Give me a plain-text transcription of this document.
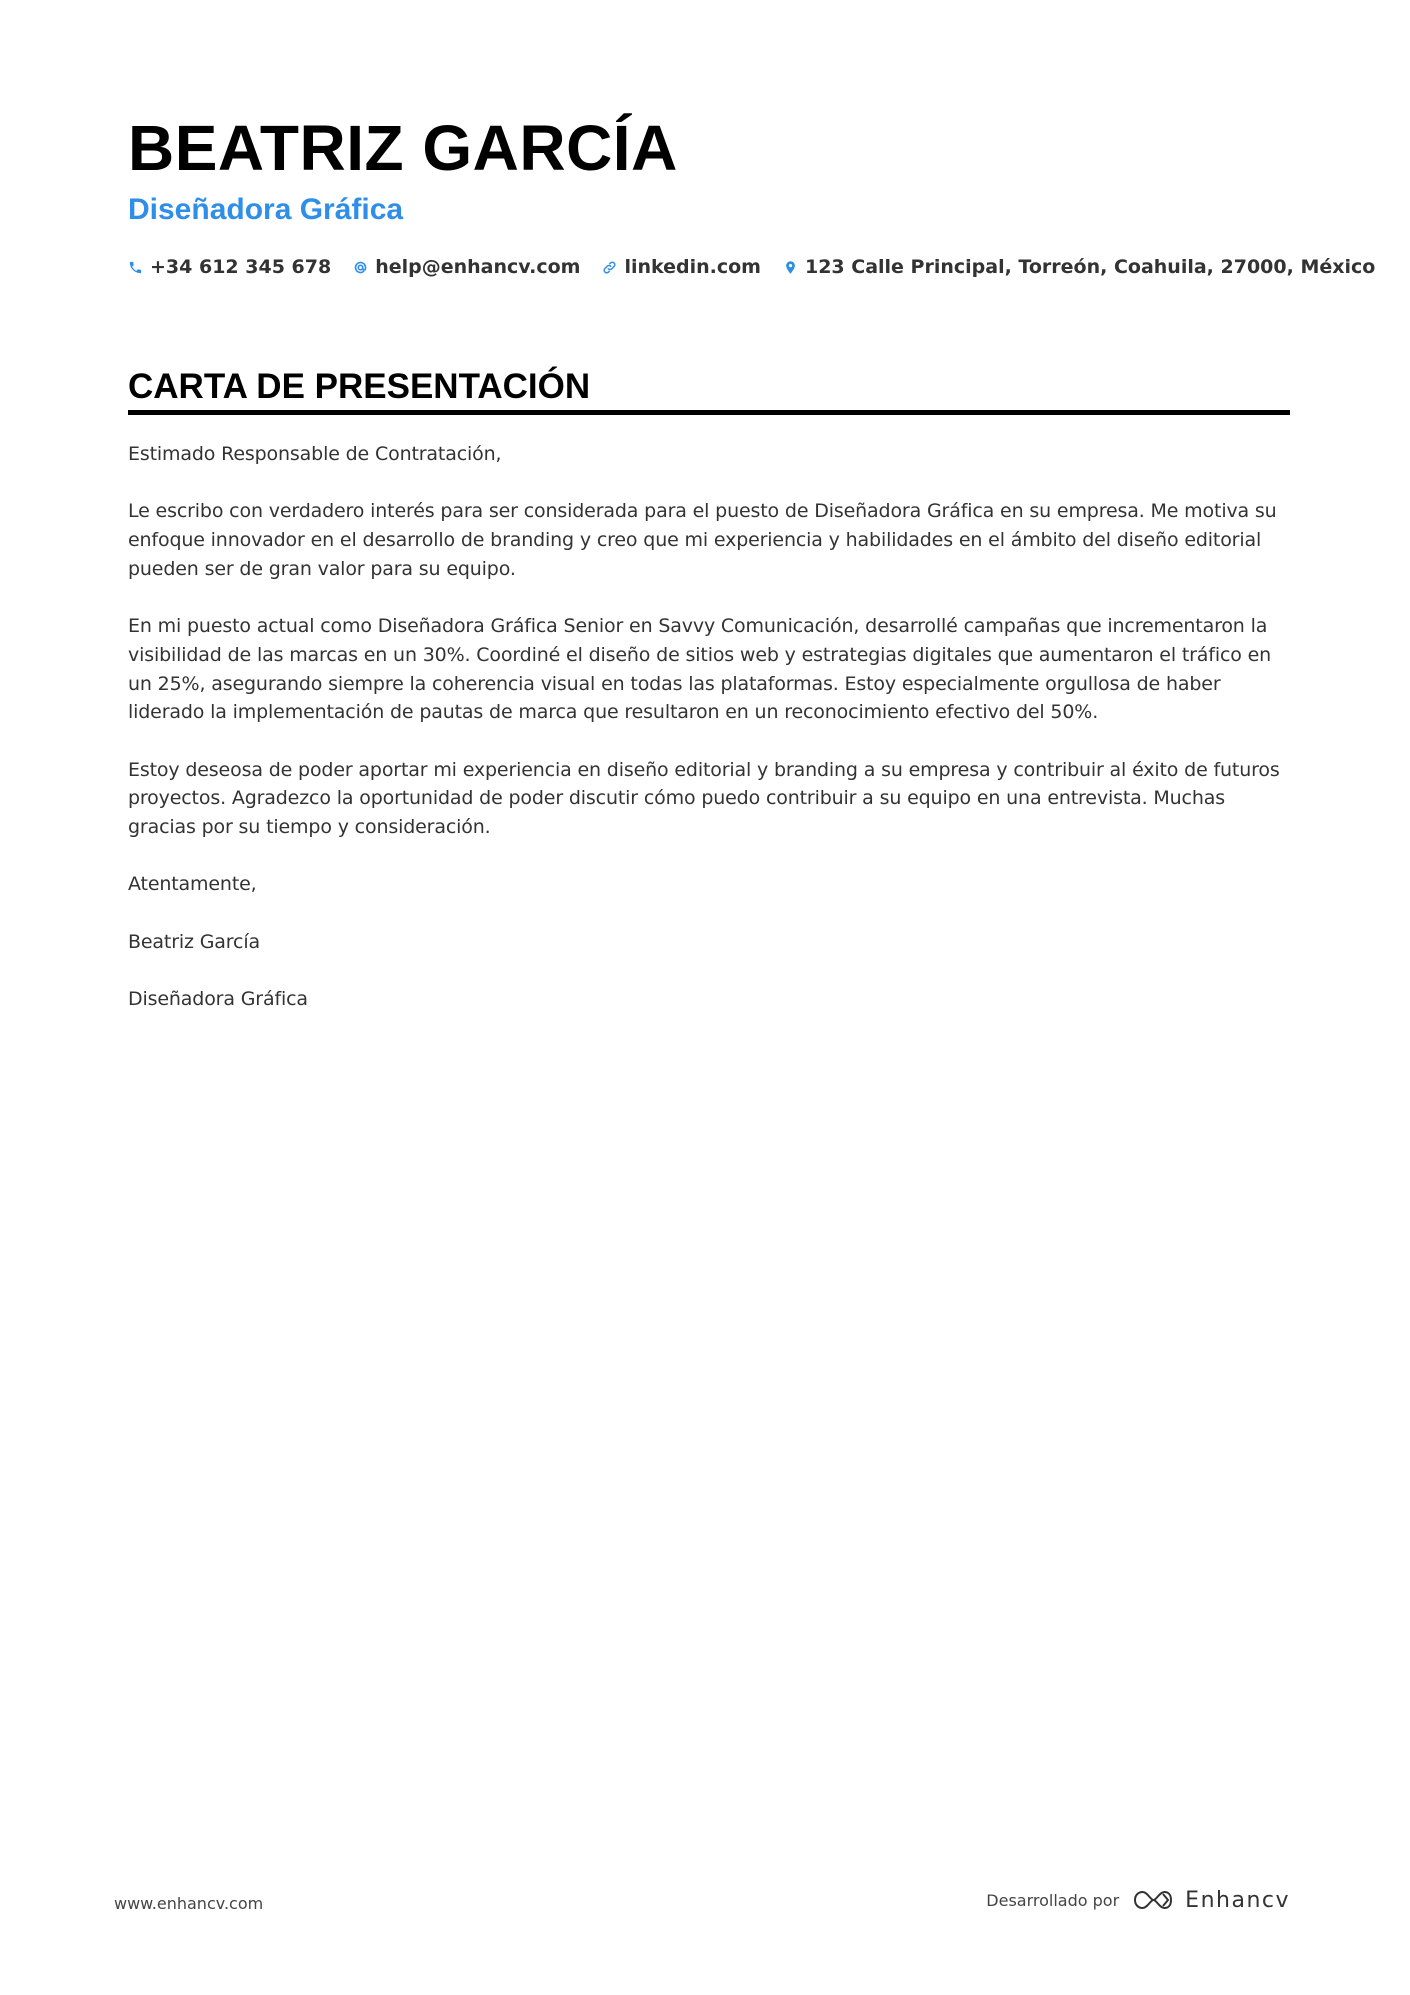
BEATRIZ GARCÍA
Diseñadora Gráfica
+34 612 345 678 help@enhancv.com linkedin.com 123 Calle Principal, Torreón, Coahuila, 27000, México
CARTA DE PRESENTACIÓN

Estimado Responsable de Contratación,

Le escribo con verdadero interés para ser considerada para el puesto de Diseñadora Gráfica en su empresa. Me motiva su enfoque innovador en el desarrollo de branding y creo que mi experiencia y habilidades en el ámbito del diseño editorial pueden ser de gran valor para su equipo.

En mi puesto actual como Diseñadora Gráfica Senior en Savvy Comunicación, desarrollé campañas que incrementaron la visibilidad de las marcas en un 30%. Coordiné el diseño de sitios web y estrategias digitales que aumentaron el tráfico en un 25%, asegurando siempre la coherencia visual en todas las plataformas. Estoy especialmente orgullosa de haber liderado la implementación de pautas de marca que resultaron en un reconocimiento efectivo del 50%.

Estoy deseosa de poder aportar mi experiencia en diseño editorial y branding a su empresa y contribuir al éxito de futuros proyectos. Agradezco la oportunidad de poder discutir cómo puedo contribuir a su equipo en una entrevista. Muchas gracias por su tiempo y consideración.

Atentamente,

Beatriz García

Diseñadora Gráfica

www.enhancv.com	Desarrollado por	Enhancv
